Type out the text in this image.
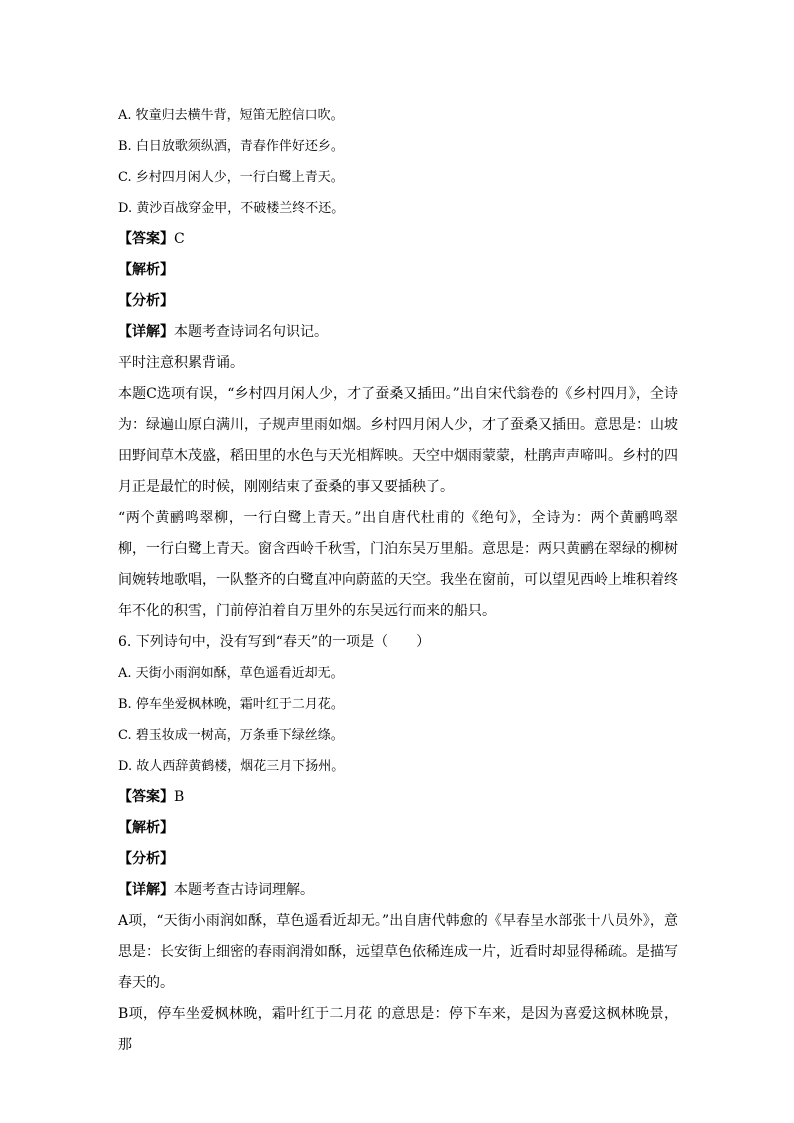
A. 牧童归去横牛背，短笛无腔信口吹。
B. 白日放歌须纵酒，青春作伴好还乡。
C. 乡村四月闲人少，一行白鹭上青天。
D. 黄沙百战穿金甲，不破楼兰终不还。
【答案】C
【解析】
【分析】
【详解】本题考查诗词名句识记。
平时注意积累背诵。
本题C选项有误，“乡村四月闲人少，才了蚕桑又插田。”出自宋代翁卷的《乡村四月》，全诗为：绿遍山原白满川，子规声里雨如烟。乡村四月闲人少，才了蚕桑又插田。意思是：山坡田野间草木茂盛，稻田里的水色与天光相辉映。天空中烟雨蒙蒙，杜鹃声声啼叫。乡村的四月正是最忙的时候，刚刚结束了蚕桑的事又要插秧了。
“两个黄鹂鸣翠柳，一行白鹭上青天。”出自唐代杜甫的《绝句》，全诗为：两个黄鹂鸣翠柳，一行白鹭上青天。窗含西岭千秋雪，门泊东吴万里船。意思是：两只黄鹂在翠绿的柳树间婉转地歌唱，一队整齐的白鹭直冲向蔚蓝的天空。我坐在窗前，可以望见西岭上堆积着终年不化的积雪，门前停泊着自万里外的东吴远行而来的船只。
6. 下列诗句中，没有写到“春天”的一项是（　　）
A. 天街小雨润如酥，草色遥看近却无。
B. 停车坐爱枫林晚，霜叶红于二月花。
C. 碧玉妆成一树高，万条垂下绿丝绦。
D. 故人西辞黄鹤楼，烟花三月下扬州。
【答案】B
【解析】
【分析】
【详解】本题考查古诗词理解。
A项，“天街小雨润如酥，草色遥看近却无。”出自唐代韩愈的《早春呈水部张十八员外》，意思是：长安街上细密的春雨润滑如酥，远望草色依稀连成一片，近看时却显得稀疏。是描写春天的。
B项，停车坐爱枫林晚，霜叶红于二月花 的意思是：停下车来，是因为喜爱这枫林晚景，那
